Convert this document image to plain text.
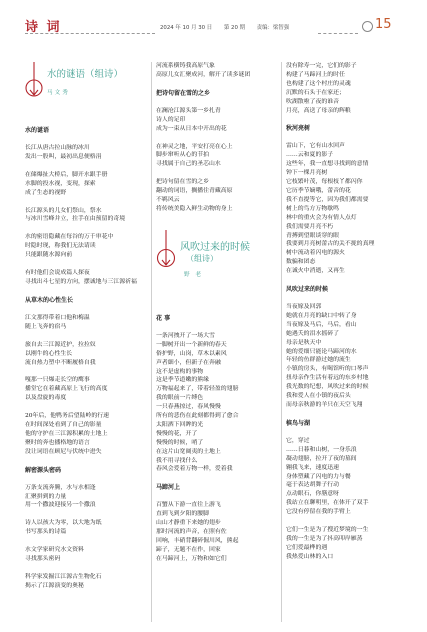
诗 词	2024 年 10 月 30 日 第 20 期 责编：梁智强	15
水的谜语（组诗）
马文秀
水的谜语
长江从唐古拉山脉的冰川
发出一股叫，最初出息便格涓
在储爆扯大桥后，脚开水跟手册
水脚的投水视，变现，探索
成了生态的视野
长江源头的儿女们祭山，祭水
与冰川雪峰并立，拄手在由预留的奇境
水的密语隐藏在每谷的万千审花中
时隐时现，称我们无法请读
只能跟随水源向前
有时他们会说成篇人探夜
寻找出斗七星的方向，摆诚地与三江源祈福
从草木的心性生长
江文那得带着口他和梅温
随上飞奔的宿马
旅自去三江源近护，拉拉奴
以刚牛的心性生长
流自热力塑中不断履格自我
嘎那一只爆走长空的鹰事
播堂它在着藏高原上飞行的高度
以及盘旋的毒度
20年后，他鸭务后望陆岭的行速
在时间深处看到了自己的影量
他的守护在三江源积累的土地上
聚时的奔也播格地的语言
没让词语在顾尼与伏统中进失
解密源头密码
万条支流奔腾，水与水相逢
汇聚拼到的力量
用一个撒波迎接另一个撒浪
诗人以孩大为零，以大地为纸
书写那头的诗篇
水文学家研究水文资料
寻找那头密码
科学家发掘江江源古生物化石
揭示了江源演变的奥秘
河流系横铸我高原气象
高原儿女汇聚成河，解开了读多谜团
把诗句留在雪的之乡
在澜沧江源头第一乡扎青
诗人的足印
成为一束从日本中开出的花
在神灵之地，平安打亮在心上
脚步窜听从心的节拍
寻找属于自己的圣芯山水
把诗句留在雪的之乡
翻动的词语，搁播住青藏高原
不羁风云
将传统美隐入鲜生动物的身上
风吹过来的时候
（组诗）
野 老
花 事
一条河拽开了一场大雪
一脚树开出一个新鲜的春天
俗护野，山岗，草木以素风
声者細小，但新子在奔融
这不是虚构的事物
这是季节道嫩的熊缘
万物福起来了，带着轻盈的翅膀
我的眼前一片缚色
一只春燕掠过，春风慢慢
所有的悲伤在此刻都得到了愈合
太阳洒下回眸的光
慢慢的花，开了
慢慢的时候，哨了
在这片山宽阔夷的土地上
我不用寻找什么
春风会爱着万物一样，爱着我
马蹄河上
百蟹从下游一直往上游飞
直到飞到夕阳的腰脚
山山才静重下来她的翅步
那时河流的声音，在照有佐
回响，丰硝背翻碎倔川风，熊起
蹄子，无题不在作，回家
在马蹄河上，万物和如它们
没有除寿一完，它们的影子
构建了马蹄河上的时任
也构建了这个村庄的灵魂
沉默的石头于在家还；
吹湖散啦了夜的谁音
月亮，高送了母亲的辉粮
秋河亮树
雷山下，它有山水回声
……云和夏的影子
这些年，我一直想寻找到的意情
钟下一棵月亮树
它枝繁叶茂，每根枝丫都闪你
它历季节嫡哦，蕾音的花
我不直提等它，因为我们都需要
树上的鸟方万物歇鸣
林中的重火会为有情人点灯
我们需要月亮不朽
青搏到望眼谈穿的眼
我要到月亮树蕾古的关不拢的真理
树中流动着闪电的源火
数骗和团态
在诚火中消逝，又再生
风吹过来的时候
当夜嫁及回郭
她就在月亮的缺口中转了身
当夜嫁及马后，马后，看山
她遇夭的泪水摇碎了
母亲是秋天中
她的爱细只能论马蹄河的水
年轻的鱼群游过她的流生
小镇的房头，有喝馆听的口琴声
扭母亲作生活有着远的东乡村地
我光数的纪想，风吹过来的时候
我和爱人在小镇的夜后头
而母亲秋游的羊只在天空飞翔
槟鸟与湖
它，穿过
……日暮和山树，一身乐浪
凝动翅膀，拉开了夜的墓间
翱我飞来，速度迅速
身体塑藏了闪电的力与餐
毫于表达胡舞子行动
点动眼石，你膳意呀
我站立在聊明里，在体开了双手
它没有停留在我的手臂上
它们一生是为了搜近梦境的一生
我的一生是为了抖高叩岸雁蒸
它们爱最桦的遇
我热爱山林的入口
